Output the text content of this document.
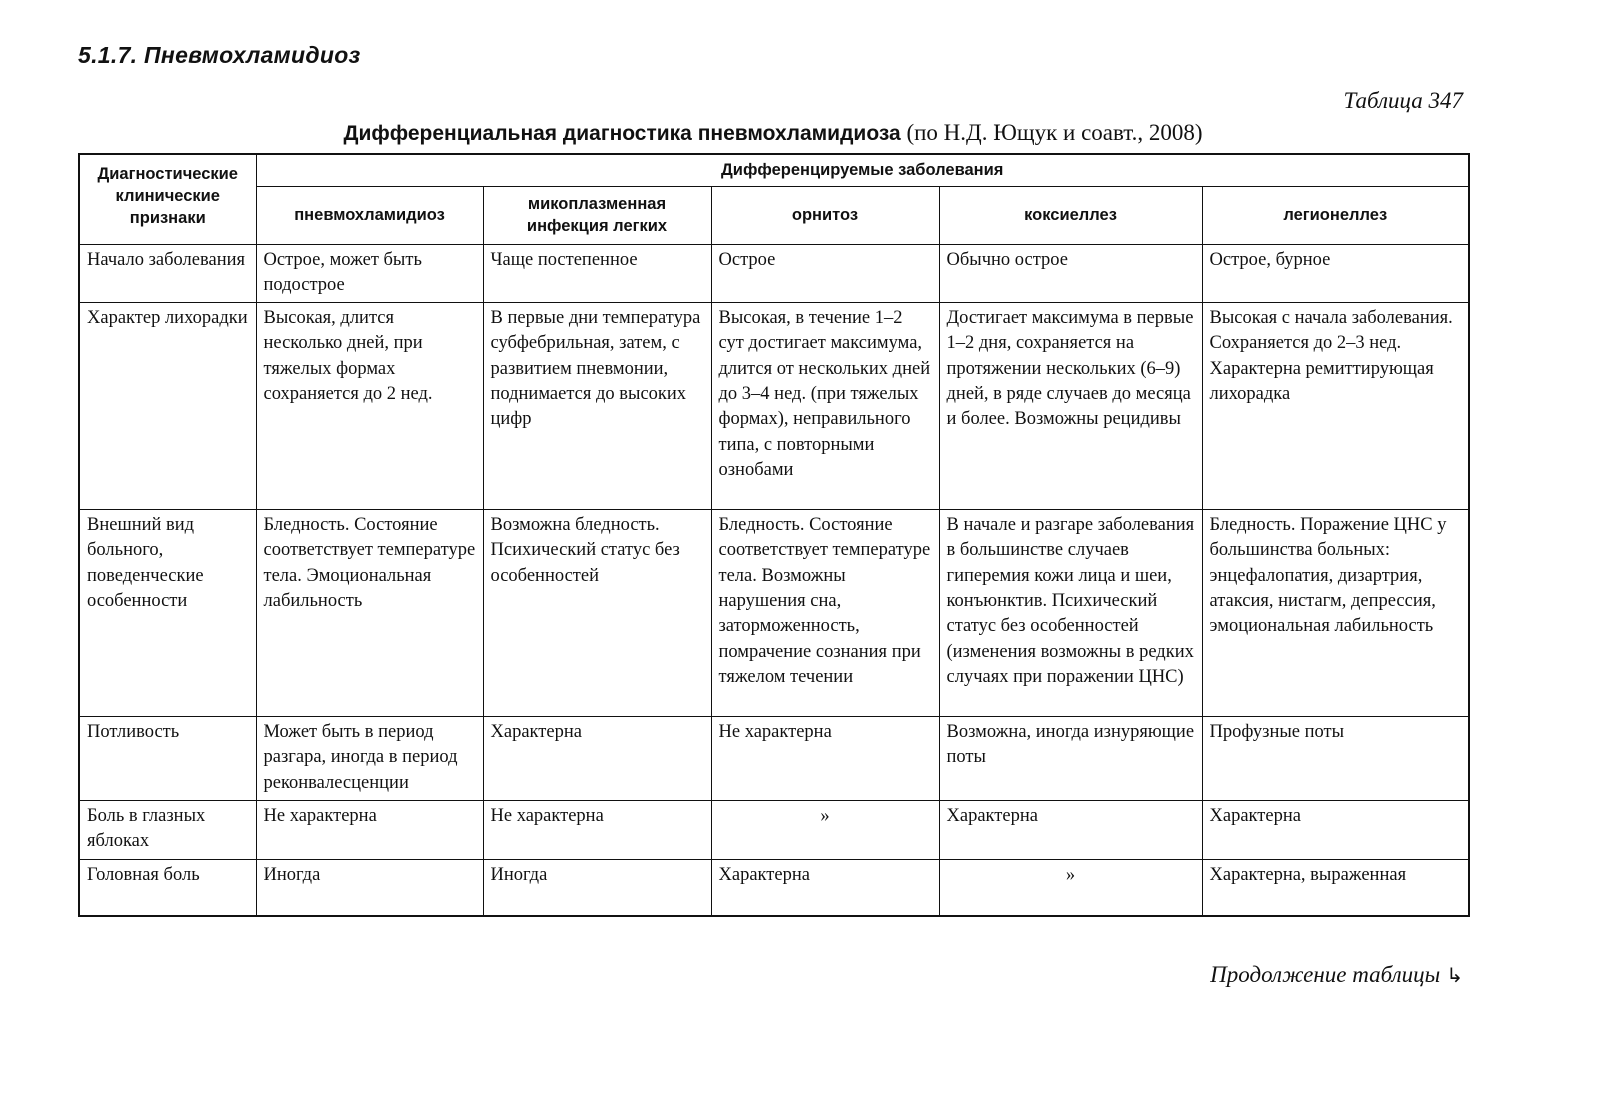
5.1.7. Пневмохламидиоз
Таблица 347
Дифференциальная диагностика пневмохламидиоза (по Н.Д. Ющук и соавт., 2008)
Диагностические клинические признаки	Дифференцируемые заболевания				
	пневмохламидиоз	микоплазменная инфекция легких	орнитоз	коксиеллез	легионеллез
Начало заболевания	Острое, может быть подострое	Чаще постепенное	Острое	Обычно острое	Острое, бурное
Характер лихорадки	Высокая, длится несколько дней, при тяжелых формах сохраняется до 2 нед.	В первые дни температура субфебрильная, затем, с развитием пневмонии, поднимается до высоких цифр	Высокая, в течение 1–2 сут достигает максимума, длится от нескольких дней до 3–4 нед. (при тяжелых формах), неправильного типа, с повторными ознобами	Достигает максимума в первые 1–2 дня, сохраняется на протяжении нескольких (6–9) дней, в ряде случаев до месяца и более. Возможны рецидивы	Высокая с начала заболевания. Сохраняется до 2–3 нед. Характерна ремиттирующая лихорадка
Внешний вид больного, поведенческие особенности	Бледность. Состояние соответствует температуре тела. Эмоциональная лабильность	Возможна бледность. Психический статус без особенностей	Бледность. Состояние соответствует температуре тела. Возможны нарушения сна, заторможенность, помрачение сознания при тяжелом течении	В начале и разгаре заболевания в большинстве случаев гиперемия кожи лица и шеи, конъюнктив. Психический статус без особенностей (изменения возможны в редких случаях при поражении ЦНС)	Бледность. Поражение ЦНС у большинства больных: энцефалопатия, дизартрия, атаксия, нистагм, депрессия, эмоциональная лабильность
Потливость	Может быть в период разгара, иногда в период реконвалесценции	Характерна	Не характерна	Возможна, иногда изнуряющие поты	Профузные поты
Боль в глазных яблоках	Не характерна	Не характерна	»	Характерна	Характерна
Головная боль	Иногда	Иногда	Характерна	»	Характерна, выраженная
Продолжение таблицы ↳
